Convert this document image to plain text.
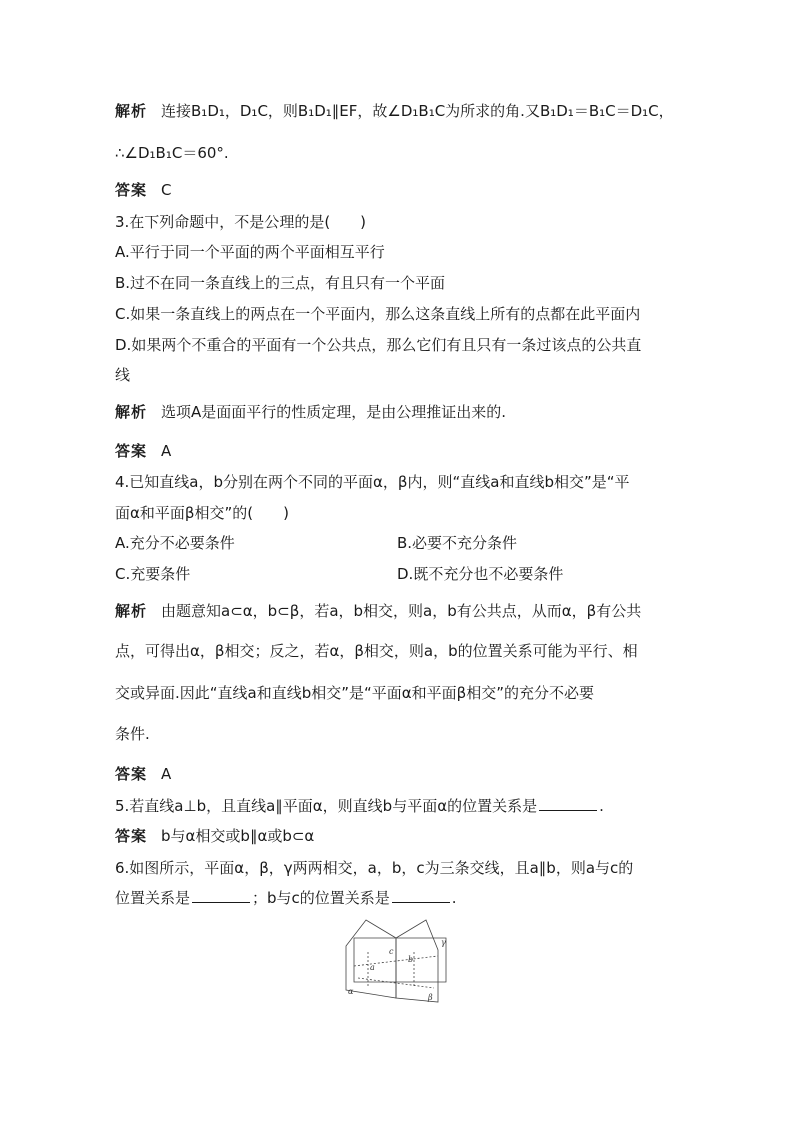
解析 连接B₁D₁，D₁C，则B₁D₁∥EF，故∠D₁B₁C为所求的角.又B₁D₁＝B₁C＝D₁C，
∴∠D₁B₁C＝60°.
答案 C
3.在下列命题中，不是公理的是(　　)
A.平行于同一个平面的两个平面相互平行
B.过不在同一条直线上的三点，有且只有一个平面
C.如果一条直线上的两点在一个平面内，那么这条直线上所有的点都在此平面内
D.如果两个不重合的平面有一个公共点，那么它们有且只有一条过该点的公共直
线
解析 选项A是面面平行的性质定理，是由公理推证出来的.
答案 A
4.已知直线a，b分别在两个不同的平面α，β内，则“直线a和直线b相交”是“平
面α和平面β相交”的(　　)
A.充分不必要条件	B.必要不充分条件
C.充要条件	D.既不充分也不必要条件
解析 由题意知a⊂α，b⊂β，若a，b相交，则a，b有公共点，从而α，β有公共
点，可得出α，β相交；反之，若α，β相交，则a，b的位置关系可能为平行、相
交或异面.因此“直线a和直线b相交”是“平面α和平面β相交”的充分不必要
条件.
答案 A
5.若直线a⊥b，且直线a∥平面α，则直线b与平面α的位置关系是	.
答案 b与α相交或b∥α或b⊂α
6.如图所示，平面α，β，γ两两相交，a，b，c为三条交线，且a∥b，则a与c的
位置关系是	；b与c的位置关系是	.
γ
α
β
a
b
c
